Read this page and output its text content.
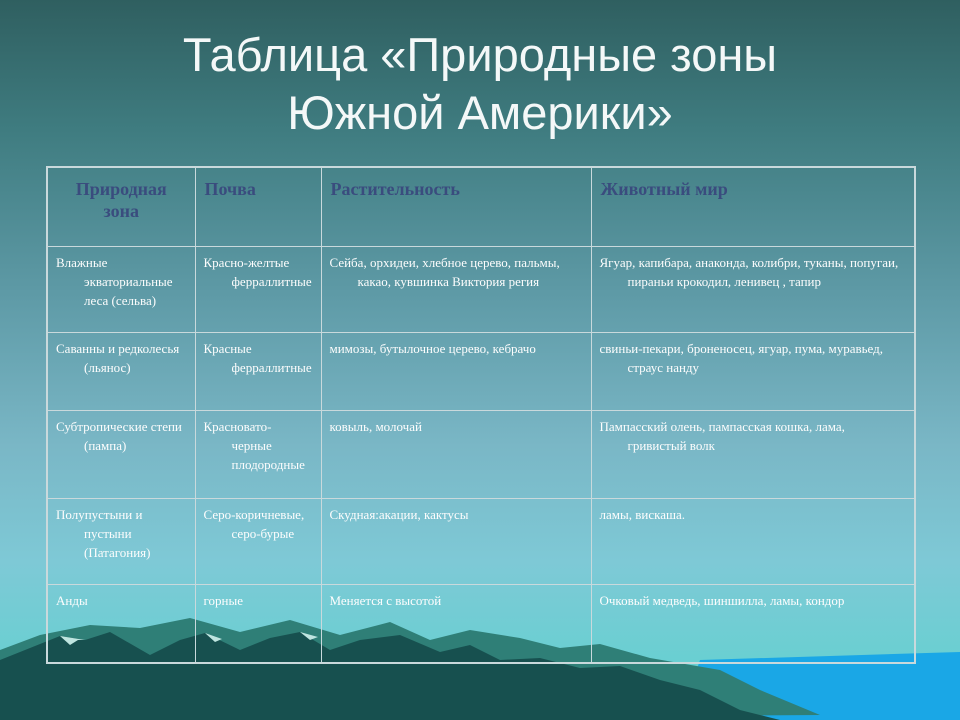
Таблица «Природные зоны
Южной Америки»
Природная зона	Почва	Растительность	Животный мир
Влажные экваториальные леса (сельва)	Красно-желтые ферраллитные	Сейба, орхидеи, хлебное церево, пальмы, какао, кувшинка Виктория регия	Ягуар, капибара, анаконда, колибри, туканы, попугаи, пираньи крокодил, ленивец , тапир
Саванны и редколесья (льянос)	Красные ферраллитные	мимозы, бутылочное церево, кебрачо	свиньи-пекари, броненосец, ягуар, пума, муравьед, страус нанду
Субтропические степи (пампа)	Красновато-черные плодородные	ковыль, молочай	Пампасский олень, пампасская кошка, лама, гривистый волк
Полупустыни и пустыни (Патагония)	Серо-коричневые, серо-бурые	Скудная:акации, кактусы	ламы, вискаша.
Анды	горные	Меняется с высотой	Очковый медведь, шиншилла, ламы, кондор
